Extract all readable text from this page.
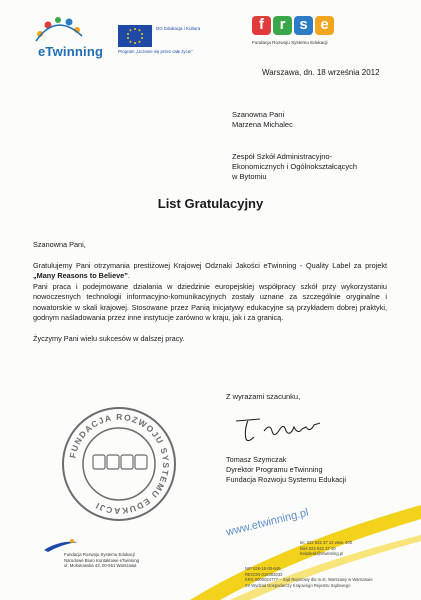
eTwinning
DG Edukacja i Kultura
Program „Uczenie się przez całe życie”
f	r s e
Fundacja Rozwoju Systemu Edukacji
Warszawa, dn. 18 września 2012
Szanowna Pani
Marzena Michalec
Zespół Szkół Administracyjno-
Ekonomicznych i Ogólnokształcących
w Bytomiu
List Gratulacyjny

Szanowna Pani,

Gratulujemy Pani otrzymania prestiżowej Krajowej Odznaki Jakości eTwinning - Quality Label za projekt „Many Reasons to Believe”.

Pani praca i podejmowane działania w dziedzinie europejskiej współpracy szkół przy wykorzystaniu nowoczesnych technologii informacyjno-komunikacyjnych zostały uznane za szczególnie oryginalne i nowatorskie w skali krajowej. Stosowane przez Panią inicjatywy edukacyjne są przykładem dobrej praktyki, godnym naśladowania przez inne instytucje zarówno w kraju, jak i za granicą.

Życzymy Pani wielu sukcesów w dalszej pracy.

Z wyrazami szacunku,
Tomasz Szymczak
Dyrektor Programu eTwinning
Fundacja Rozwoju Systemu Edukacji
FUNDACJA ROZWOJU SYSTEMU EDUKACJI
Fundacja Rozwoju Systemu Edukacji
Narodowe Biuro Kontaktowe eTwinning
ul. Mokotowska 43, 00-551 Warszawa
www.etwinning.pl
tel. 022 622 37 12 wew. 400
faks 022 622 37 10
helpdesk@etwinning.pl
NIP 526-10-00-645
REGON 010393032
KRS 0000024777 – Sąd Rejonowy dla m.st. Warszawy w Warszawie
XII Wydział Gospodarczy Krajowego Rejestru Sądowego
